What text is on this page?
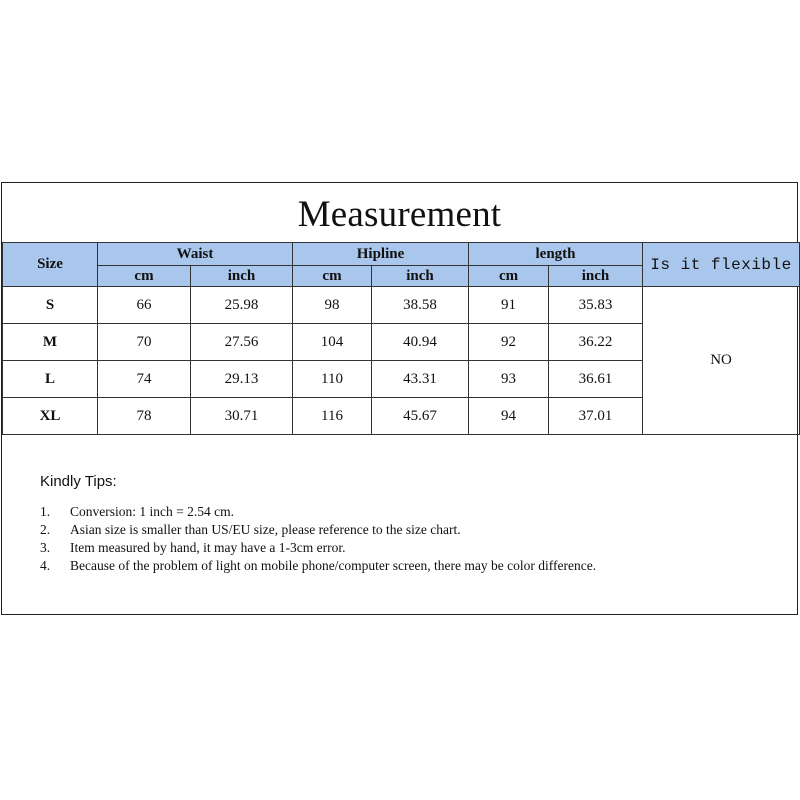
Measurement
Size	Waist		Hipline		length		Is it flexible
	cm	inch	cm	inch	cm	inch	
S	66	25.98	98	38.58	91	35.83	NO
M	70	27.56	104	40.94	92	36.22	
L	74	29.13	110	43.31	93	36.61	
XL	78	30.71	116	45.67	94	37.01	
Kindly Tips:
1.	Conversion: 1 inch = 2.54 cm.
2.	Asian size is smaller than US/EU size, please reference to the size chart.
3.	Item measured by hand, it may have a 1-3cm error.
4.	Because of the problem of light on mobile phone/computer screen, there may be color difference.
